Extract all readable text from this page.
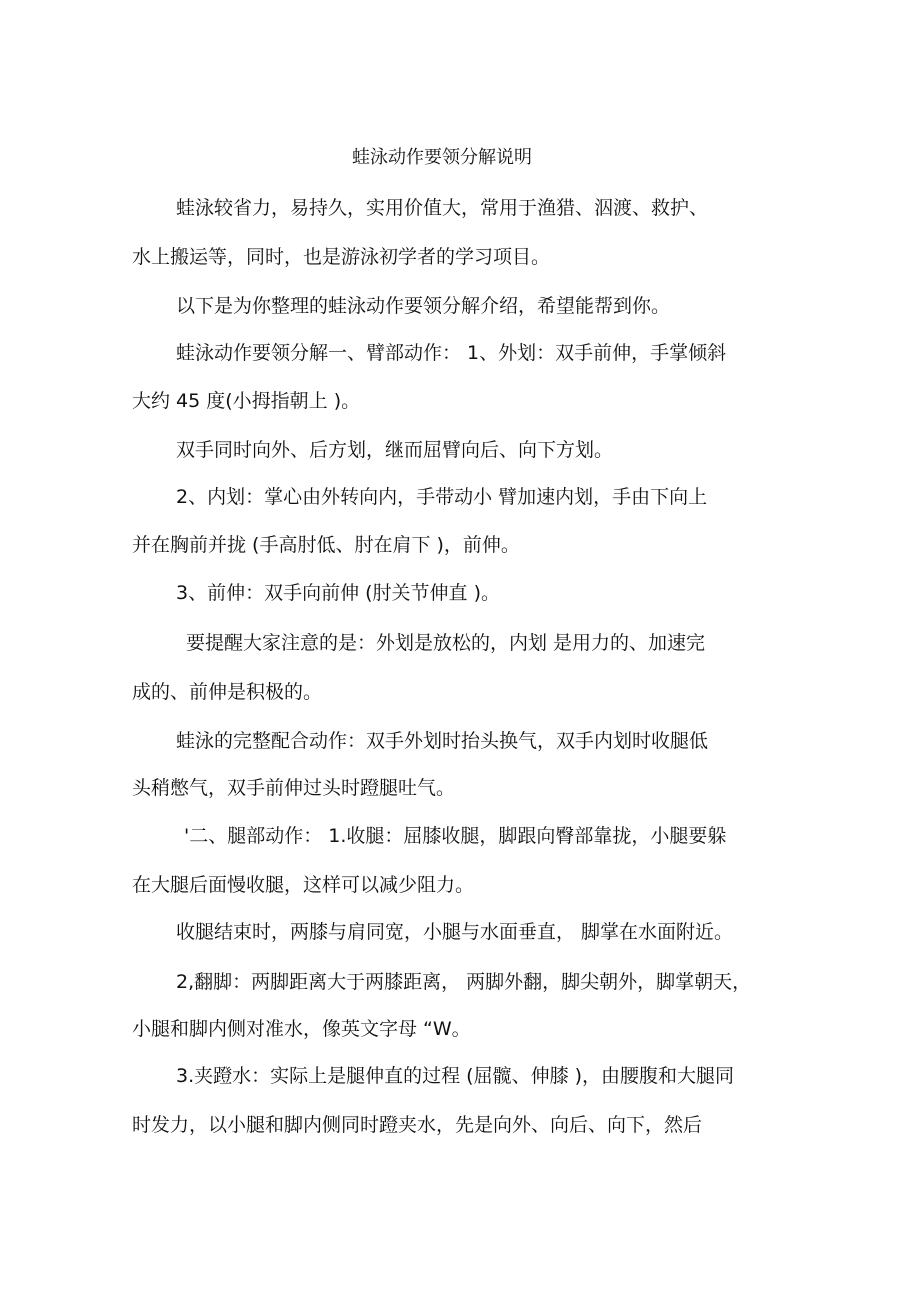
蛙泳动作要领分解说明

蛙泳较省力，易持久，实用价值大，常用于渔猎、泅渡、救护、

水上搬运等，同时，也是游泳初学者的学习项目。

以下是为你整理的蛙泳动作要领分解介绍，希望能帮到你。

蛙泳动作要领分解一、臂部动作： 1、外划：双手前伸，手掌倾斜

大约 45 度(小拇指朝上 )。

双手同时向外、后方划，继而屈臂向后、向下方划。

2、内划：掌心由外转向内，手带动小 臂加速内划，手由下向上

并在胸前并拢 (手高肘低、肘在肩下 )，前伸。

3、前伸：双手向前伸 (肘关节伸直 )。

要提醒大家注意的是：外划是放松的，内划 是用力的、加速完

成的、前伸是积极的。

蛙泳的完整配合动作：双手外划时抬头换气，双手内划时收腿低

头稍憋气，双手前伸过头时蹬腿吐气。

'二、腿部动作： 1.收腿：屈膝收腿，脚跟向臀部靠拢，小腿要躲

在大腿后面慢收腿，这样可以减少阻力。

收腿结束时，两膝与肩同宽，小腿与水面垂直， 脚掌在水面附近。

2,翻脚：两脚距离大于两膝距离， 两脚外翻，脚尖朝外，脚掌朝天，

小腿和脚内侧对准水，像英文字母 “W。

3.夹蹬水：实际上是腿伸直的过程 (屈髋、伸膝 )，由腰腹和大腿同

时发力，以小腿和脚内侧同时蹬夹水，先是向外、向后、向下，然后
